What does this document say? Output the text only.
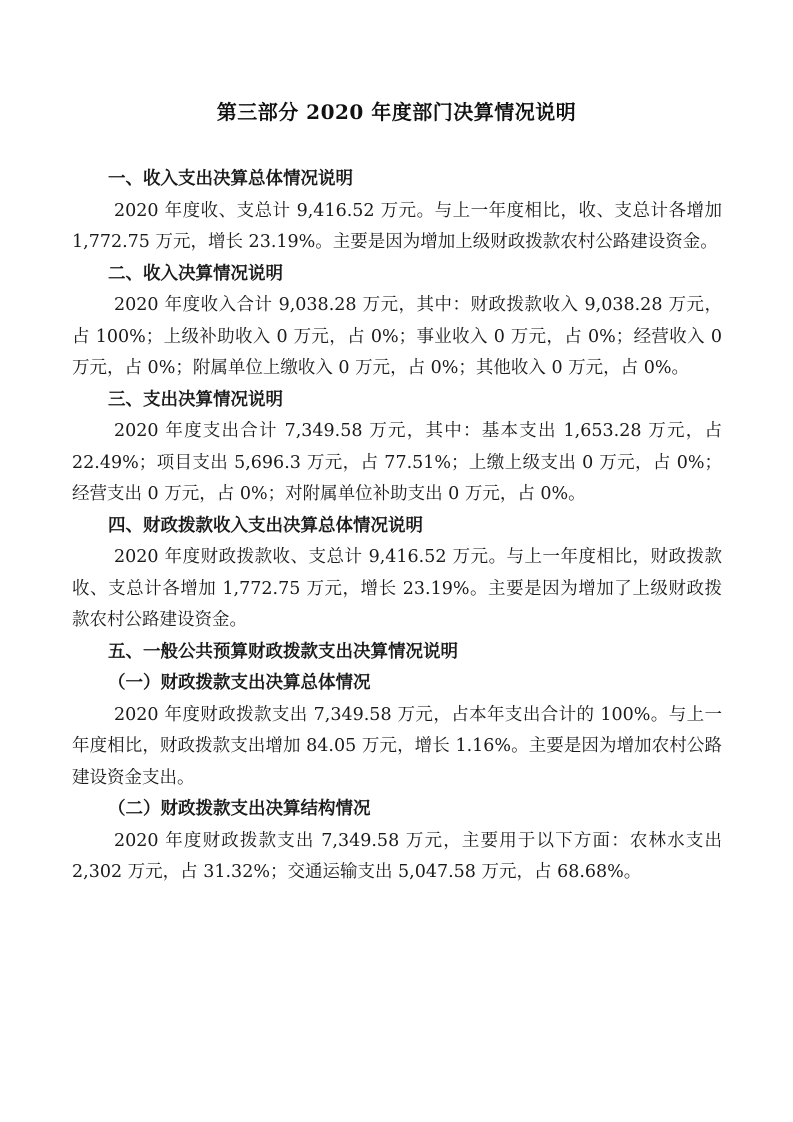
第三部分 2020 年度部门决算情况说明

一、收入支出决算总体情况说明

2020 年度收、支总计 9,416.52 万元。与上一年度相比，收、支总计各增加 1,772.75 万元，增长 23.19%。主要是因为增加上级财政拨款农村公路建设资金。

二、收入决算情况说明

2020 年度收入合计 9,038.28 万元，其中：财政拨款收入 9,038.28 万元，占 100%；上级补助收入 0 万元，占 0%；事业收入 0 万元，占 0%；经营收入 0 万元，占 0%；附属单位上缴收入 0 万元，占 0%；其他收入 0 万元，占 0%。

三、支出决算情况说明

2020 年度支出合计 7,349.58 万元，其中：基本支出 1,653.28 万元，占 22.49%；项目支出 5,696.3 万元，占 77.51%；上缴上级支出 0 万元，占 0%；经营支出 0 万元，占 0%；对附属单位补助支出 0 万元，占 0%。

四、财政拨款收入支出决算总体情况说明

2020 年度财政拨款收、支总计 9,416.52 万元。与上一年度相比，财政拨款收、支总计各增加 1,772.75 万元，增长 23.19%。主要是因为增加了上级财政拨款农村公路建设资金。

五、一般公共预算财政拨款支出决算情况说明

（一）财政拨款支出决算总体情况

2020 年度财政拨款支出 7,349.58 万元，占本年支出合计的 100%。与上一年度相比，财政拨款支出增加 84.05 万元，增长 1.16%。主要是因为增加农村公路建设资金支出。

（二）财政拨款支出决算结构情况

2020 年度财政拨款支出 7,349.58 万元，主要用于以下方面：农林水支出 2,302 万元，占 31.32%；交通运输支出 5,047.58 万元，占 68.68%。
